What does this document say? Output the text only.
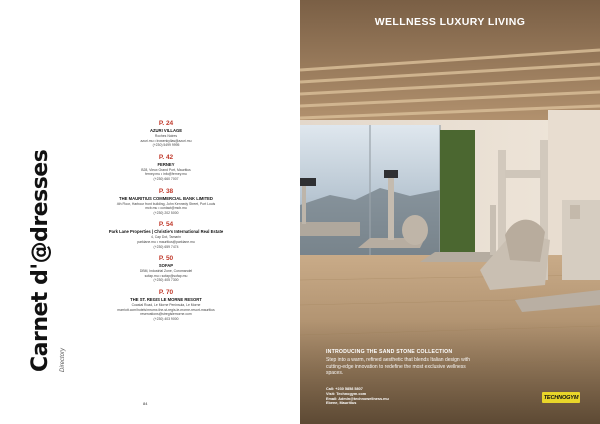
Carnet d'@dresses Directory
P. 24
AZURI VILLAGE
Roches Noires
azuri.mu • lrowenkyllas@azuri.mu
(+230) 5499 9995
P. 42
FERNEY
B28, Vieux Grand Port, Mauritius
ferney.mu • info@ferney.mu
(+230) 660 7007
P. 38
THE MAURITIUS COMMERCIAL BANK LIMITED
4th Floor, Harbour front building, John Kennedy Street, Port Louis
mcb.mu • contact@mcb.mu
(+230) 202 5000
P. 54
Park Lane Properties | Christie's International Real Estate
4, Cap Dot, Tamarin
parklane.mu • mauritius@parklane.mu
(+230) 659 7474
P. 50
SOFAP
DBM, Industrial Zone, Coromandel
sofap.mu • sofap@sofap.mu
(+230) 405 7300
P. 70
THE ST. REGIS LE MORNE RESORT
Coastal Road, Le Morne Peninsula, Le Morne
marriott.com/hotels/mrumx-the-st-regis-le-morne-resort-mauritius
reservations@stregislemorne.com
(+230) 403 9000
84
WELLNESS LUXURY LIVING
INTRODUCING THE SAND STONE COLLECTION
Step into a warm, refined aesthetic that blends Italian design with cutting-edge innovation to redefine the most exclusive wellness spaces.
Call: +230 5858 5807
Visit: Technogym.com
Email: Admin@technowellness.mu
Ebene, Mauritius
TECHNOGYM
